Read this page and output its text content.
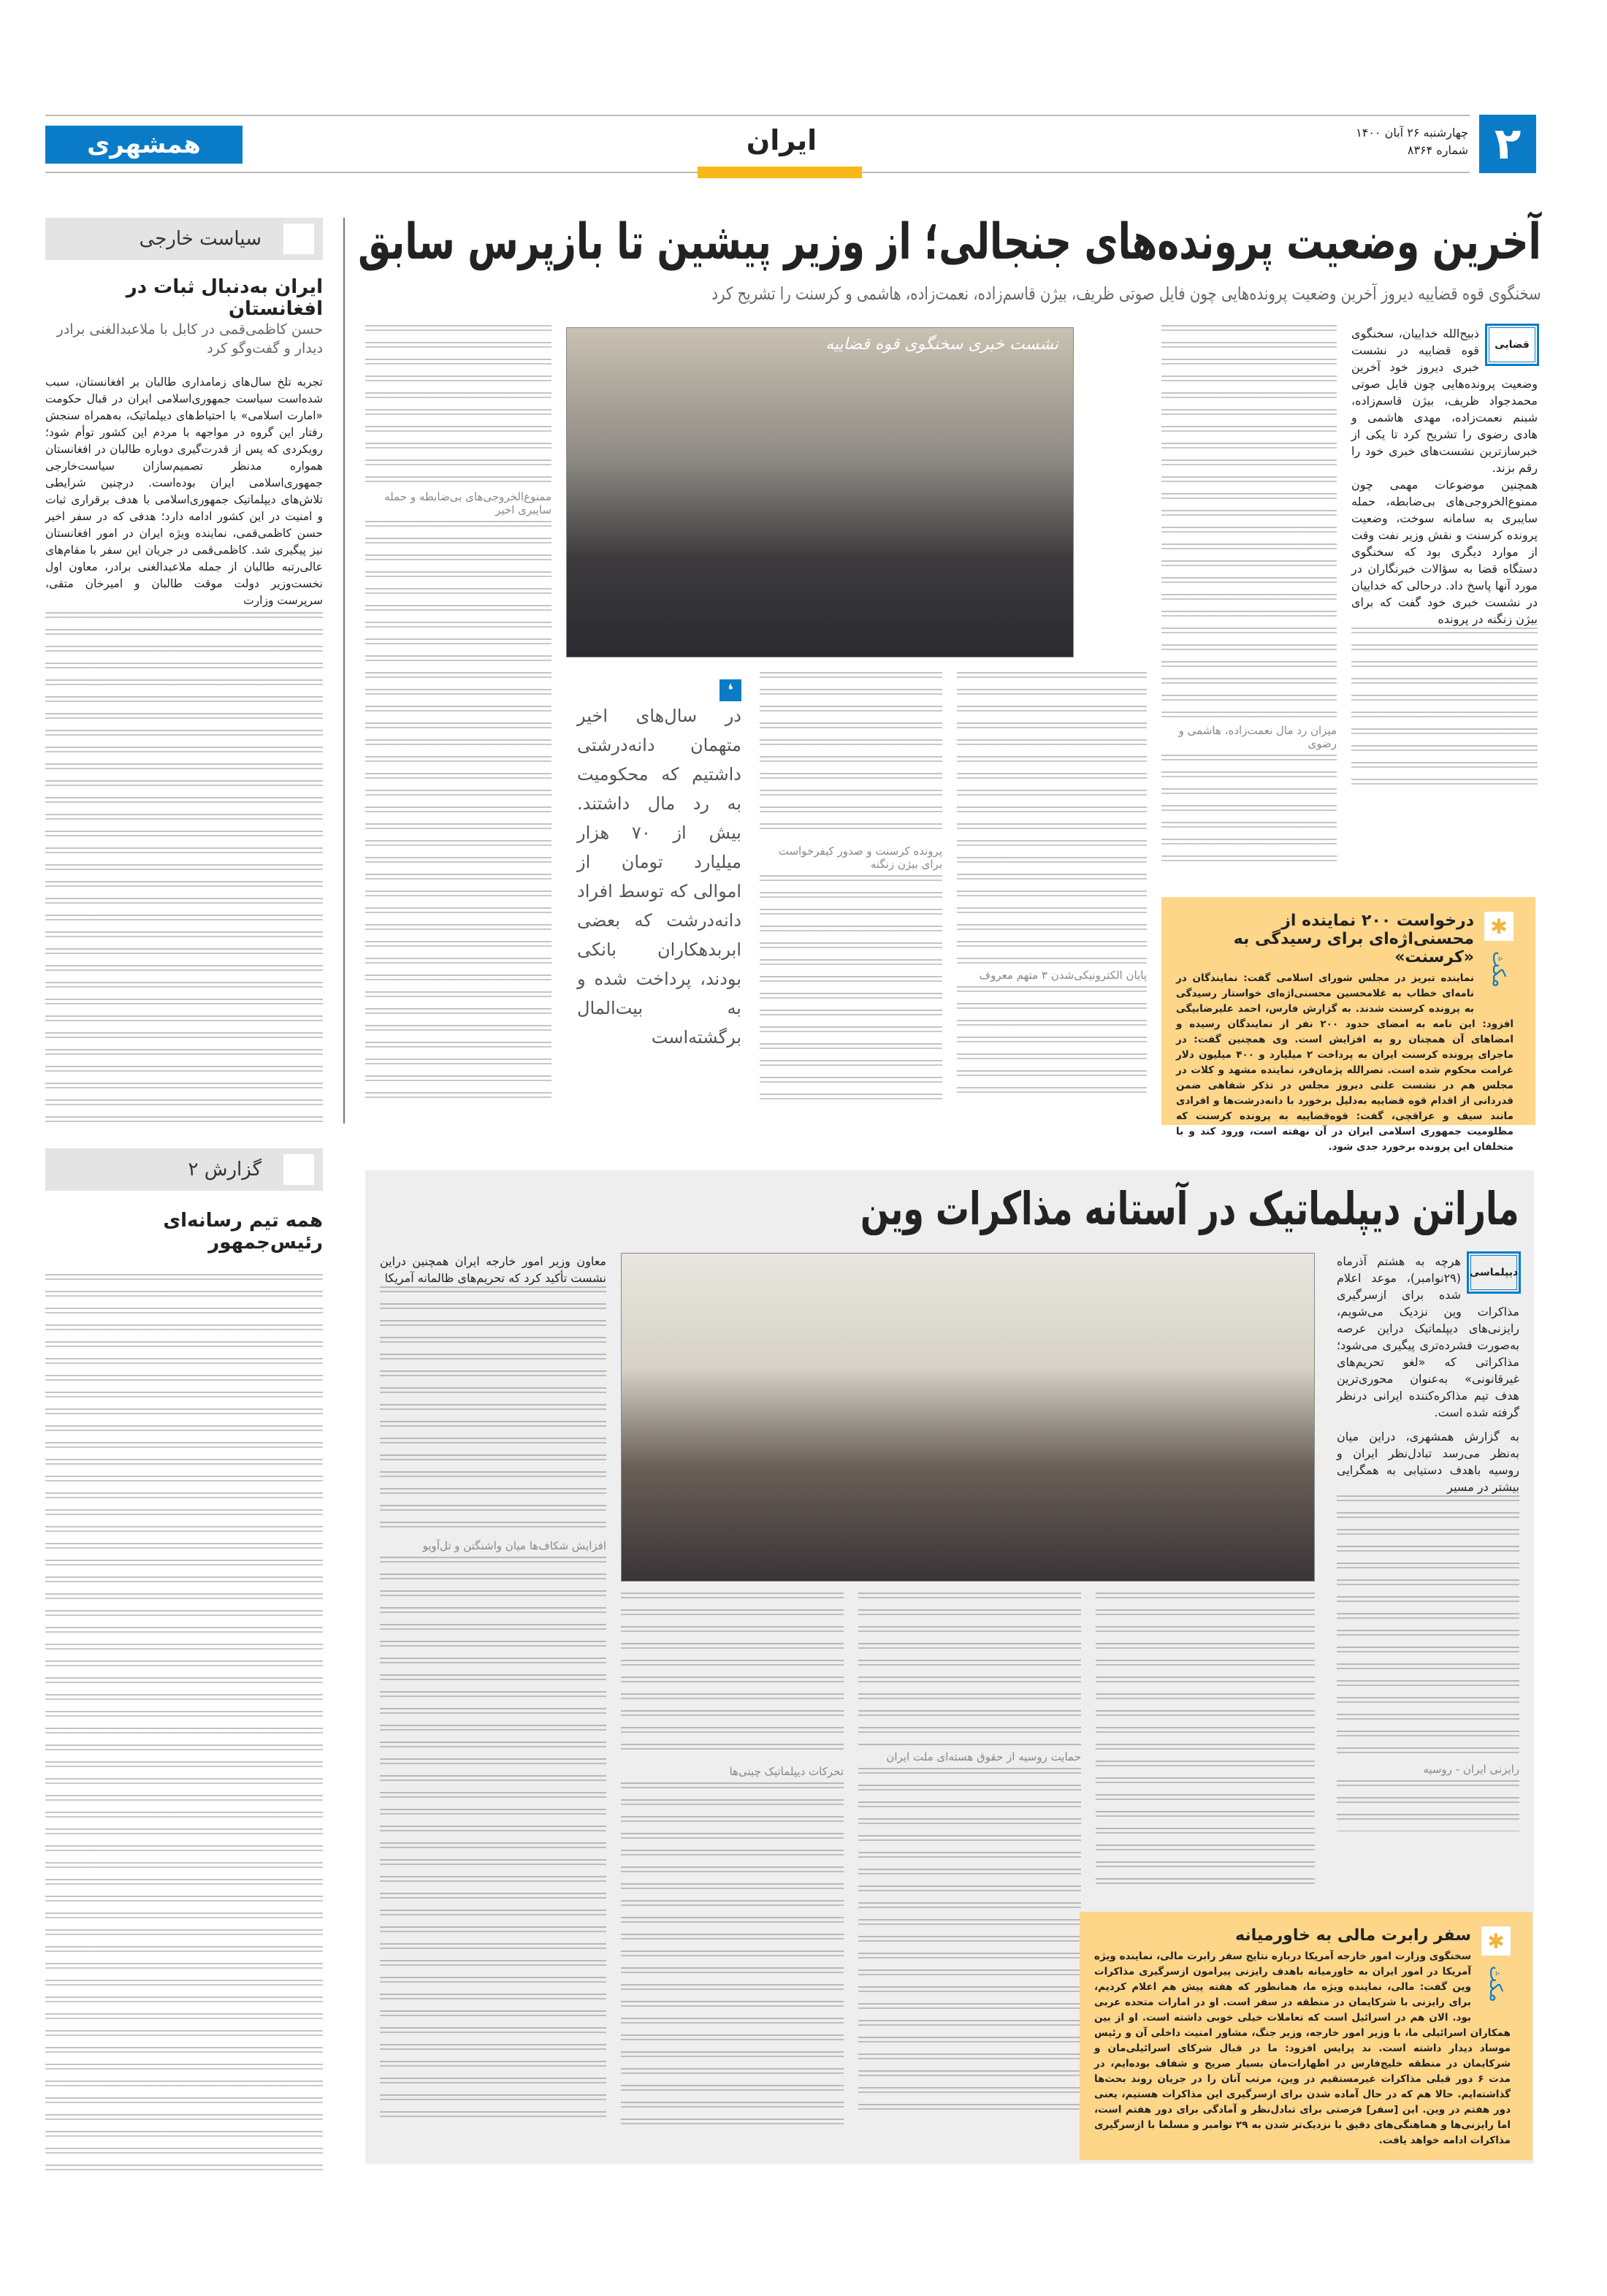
۲
همشهری	ایران	چهارشنبه ۲۶ آبان ۱۴۰۰
شماره ۸۳۶۴
سیاست خارجی
ایران به‌دنبال ثبات در افغانستان
حسن کاظمی‌قمی در کابل با ملاعبدالغنی برادر دیدار و گفت‌وگو کرد
تجربه تلخ سال‌های زمامداری طالبان بر افغانستان، سبب شده‌است سیاست جمهوری‌اسلامی ایران در قبال حکومت «امارت اسلامی» با احتیاط‌های دیپلماتیک، به‌همراه سنجش رفتار این گروه در مواجهه با مردم این کشور توأم شود؛ رویکردی که پس از قدرت‌گیری دوباره طالبان در افغانستان همواره مدنظر تصمیم‌سازان سیاست‌خارجی جمهوری‌اسلامی ایران بوده‌است. درچنین شرایطی تلاش‌های دیپلماتیک جمهوری‌اسلامی با هدف برقراری ثبات و امنیت در این کشور ادامه دارد؛ هدفی که در سفر اخیر حسن کاظمی‌قمی، نماینده ویژه ایران در امور افغانستان نیز پیگیری شد. کاظمی‌قمی در جریان این سفر با مقام‌های عالی‌رتبه طالبان از جمله ملاعبدالغنی برادر، معاون اول نخست‌وزیر دولت موقت طالبان و امیرخان متقی، سرپرست وزارت
آخرین وضعیت پرونده‌های جنجالی؛ از وزیر پیشین تا بازپرس سابق
سخنگوی قوه قضاییه دیروز آخرین وضعیت پرونده‌هایی چون فایل صوتی ظریف، بیژن قاسم‌زاده، نعمت‌زاده، هاشمی و کرسنت را تشریح کرد
قضایی
ذبیح‌الله خداییان، سخنگوی قوه قضاییه در نشست خبری دیروز خود آخرین وضعیت پرونده‌هایی چون فایل صوتی محمدجواد ظریف، بیژن قاسم‌زاده، شبنم نعمت‌زاده، مهدی هاشمی و هادی رضوی را تشریح کرد تا یکی از خبرسازترین نشست‌های خبری خود را رقم بزند.
همچنین موضوعات مهمی چون ممنوع‌الخروجی‌های بی‌ضابطه، حمله سایبری به سامانه سوخت، وضعیت پرونده کرسنت و نقش وزیر نفت وقت از موارد دیگری بود که سخنگوی دستگاه قضا به سؤالات خبرنگاران در مورد آنها پاسخ داد. درحالی که خداییان در نشست خبری خود گفت که برای بیژن زنگنه در پرونده
میزان رد مال نعمت‌زاده، هاشمی و رضوی
نشست خبری سخنگوی قوه قضاییه
پایان الکترونیکی‌شدن ۳ متهم معروف
پرونده کرسنت و صدور کیفرخواست برای بیژن زنگنه
❛
در سال‌های اخیر متهمان دانه‌درشتی داشتیم که محکومیت به رد مال داشتند. بیش از ۷۰ هزار میلیارد تومان از اموالی که توسط افراد دانه‌درشت که بعضی ابربدهکاران بانکی بودند، پرداخت شده و به بیت‌المال برگشته‌است
ممنوع‌الخروجی‌های بی‌ضابطه و حمله سایبری اخیر
✱
مکث
درخواست ۲۰۰ نماینده از محسنی‌اژه‌ای برای رسیدگی به «کرسنت»

نماینده تبریز در مجلس شورای اسلامی گفت: نمایندگان در نامه‌ای خطاب به غلامحسین محسنی‌اژه‌ای خواستار رسیدگی به پرونده کرسنت شدند. به گزارش فارس، احمد علیرضابیگی افزود: این نامه به امضای حدود ۲۰۰ نفر از نمایندگان رسیده و امضاهای آن همچنان رو به افزایش است. وی همچنین گفت: در ماجرای پرونده کرسنت ایران به پرداخت ۲ میلیارد و ۴۰۰ میلیون دلار غرامت محکوم شده است. نصرالله پژمان‌فر، نماینده مشهد و کلات در مجلس هم در نشست علنی دیروز مجلس در تذکر شفاهی ضمن قدردانی از اقدام قوه قضاییه به‌دلیل برخورد با دانه‌درشت‌ها و افرادی مانند سیف و عراقچی، گفت: قوه‌قضاییه به پرونده کرسنت که مظلومیت جمهوری اسلامی ایران در آن نهفته است، ورود کند و با متخلفان این پرونده برخورد جدی شود.

گزارش ۲
همه تیم رسانه‌ای رئیس‌جمهور
ماراتن دیپلماتیک در آستانه مذاکرات وین
دیپلماسی
هرچه به هشتم آذرماه (۲۹نوامبر)، موعد اعلام شده برای ازسرگیری مذاکرات وین نزدیک می‌شویم، رایزنی‌های دیپلماتیک دراین عرصه به‌صورت فشرده‌تری پیگیری می‌شود؛ مذاکراتی که «لغو تحریم‌های غیرقانونی» به‌عنوان محوری‌ترین هدف تیم مذاکره‌کننده ایرانی درنظر گرفته شده است.
به گزارش همشهری، دراین میان به‌نظر می‌رسد تبادل‌نظر ایران و روسیه باهدف دستیابی به همگرایی بیشتر در مسیر
رایزنی ایران - روسیه
معاون وزیر امور خارجه ایران همچنین دراین نشست تأکید کرد که تحریم‌های ظالمانه آمریکا
افزایش شکاف‌ها میان واشنگتن و تل‌آویو
حمایت روسیه از حقوق هسته‌ای ملت ایران
تحرکات دیپلماتیک چینی‌ها
✱
مکث
سفر رابرت مالی به خاورمیانه

سخنگوی وزارت امور خارجه آمریکا درباره نتایج سفر رابرت مالی، نماینده ویژه آمریکا در امور ایران به خاورمیانه باهدف رایزنی پیرامون ازسرگیری مذاکرات وین گفت: مالی، نماینده ویژه ما، همانطور که هفته پیش هم اعلام کردیم، برای رایزنی با شرکایمان در منطقه در سفر است. او در امارات متحده عربی بود. الان هم در اسرائیل است که تعاملات خیلی خوبی داشته است. او از بین همکاران اسرائیلی ما، با وزیر امور خارجه، وزیر جنگ، مشاور امنیت داخلی آن و رئیس موساد دیدار داشته است. ند پرایس افزود: ما در قبال شرکای اسرائیلی‌مان و شرکایمان در منطقه خلیج‌فارس در اظهارات‌مان بسیار صریح و شفاف بوده‌ایم، در مدت ۶ دور قبلی مذاکرات غیرمستقیم در وین، مرتب آنان را در جریان روند بحث‌ها گذاشته‌ایم. حالا هم که در حال آماده شدن برای ازسرگیری این مذاکرات هستیم، یعنی دور هفتم در وین. این [سفر] فرصتی برای تبادل‌نظر و آمادگی برای دور هفتم است، اما رایزنی‌ها و هماهنگی‌های دقیق با نزدیک‌تر شدن به ۲۹ نوامبر و مسلما با ازسرگیری مذاکرات ادامه خواهد یافت.
